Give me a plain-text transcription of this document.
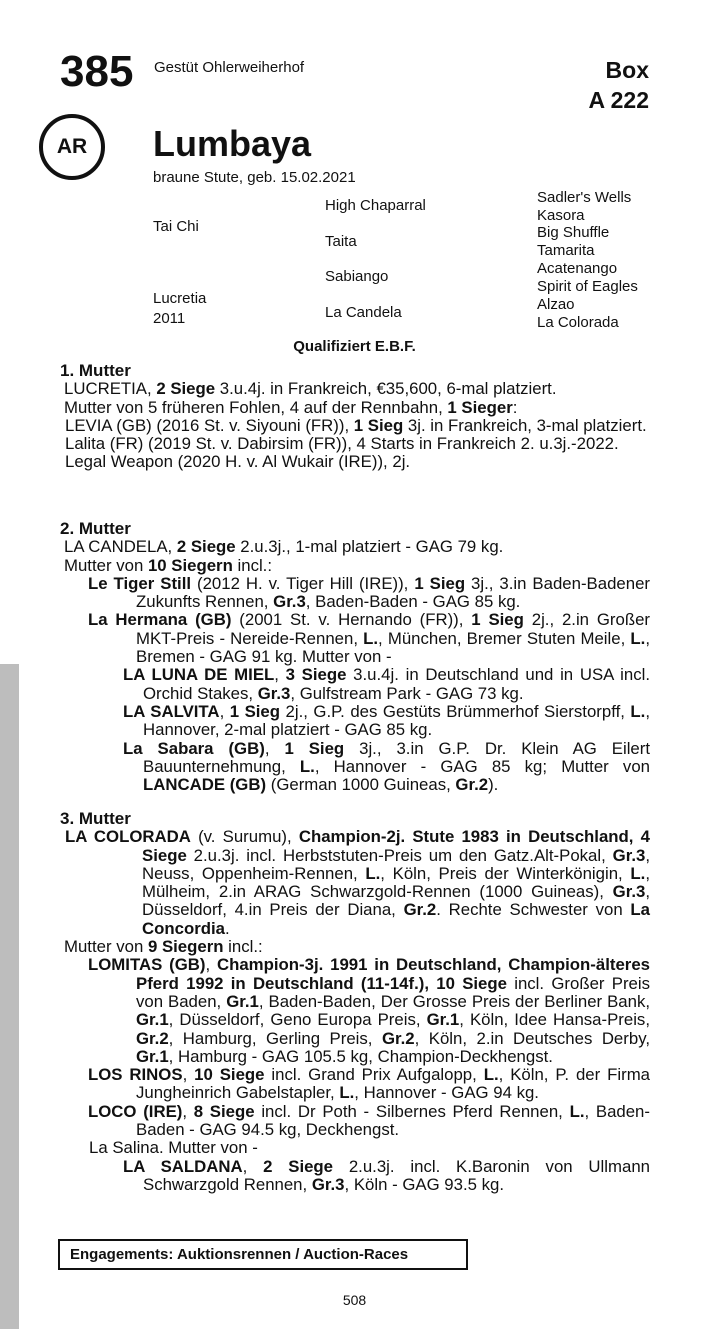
385 Gestüt Ohlerweiherhof	Box
A 222
AR	Lumbaya
braune Stute, geb. 15.02.2021
Tai Chi
Lucretia
2011
High Chaparral
Taita
Sabiango
La Candela
Sadler's Wells
Kasora
Big Shuffle
Tamarita
Acatenango
Spirit of Eagles
Alzao
La Colorada
Qualifiziert E.B.F.

1. Mutter

LUCRETIA, 2 Siege 3.u.4j. in Frankreich, €35,600, 6-mal platziert.

Mutter von 5 früheren Fohlen, 4 auf der Rennbahn, 1 Sieger:

LEVIA (GB) (2016 St. v. Siyouni (FR)), 1 Sieg 3j. in Frankreich, 3-mal platziert.

Lalita (FR) (2019 St. v. Dabirsim (FR)), 4 Starts in Frankreich 2. u.3j.-2022.

Legal Weapon (2020 H. v. Al Wukair (IRE)), 2j.

2. Mutter

LA CANDELA, 2 Siege 2.u.3j., 1-mal platziert - GAG 79 kg.

Mutter von 10 Siegern incl.:

Le Tiger Still (2012 H. v. Tiger Hill (IRE)), 1 Sieg 3j., 3.in Baden-Badener Zukunfts Rennen, Gr.3, Baden-Baden - GAG 85 kg.

La Hermana (GB) (2001 St. v. Hernando (FR)), 1 Sieg 2j., 2.in Großer MKT-Preis - Nereide-Rennen, L., München, Bremer Stuten Meile, L., Bremen - GAG 91 kg. Mutter von -

LA LUNA DE MIEL, 3 Siege 3.u.4j. in Deutschland und in USA incl. Orchid Stakes, Gr.3, Gulfstream Park - GAG 73 kg.

LA SALVITA, 1 Sieg 2j., G.P. des Gestüts Brümmerhof Sierstorpff, L., Hannover, 2-mal platziert - GAG 85 kg.

La Sabara (GB), 1 Sieg 3j., 3.in G.P. Dr. Klein AG Eilert Bauunternehmung, L., Hannover - GAG 85 kg; Mutter von LANCADE (GB) (German 1000 Guineas, Gr.2).

3. Mutter

LA COLORADA (v. Surumu), Champion-2j. Stute 1983 in Deutschland, 4 Siege 2.u.3j. incl. Herbststuten-Preis um den Gatz.Alt-Pokal, Gr.3, Neuss, Oppenheim-Rennen, L., Köln, Preis der Winterkönigin, L., Mülheim, 2.in ARAG Schwarzgold-Rennen (1000 Guineas), Gr.3, Düsseldorf, 4.in Preis der Diana, Gr.2. Rechte Schwester von La Concordia.

Mutter von 9 Siegern incl.:

LOMITAS (GB), Champion-3j. 1991 in Deutschland, Champion-älteres Pferd 1992 in Deutschland (11-14f.), 10 Siege incl. Großer Preis von Baden, Gr.1, Baden-Baden, Der Grosse Preis der Berliner Bank, Gr.1, Düsseldorf, Geno Europa Preis, Gr.1, Köln, Idee Hansa-Preis, Gr.2, Hamburg, Gerling Preis, Gr.2, Köln, 2.in Deutsches Derby, Gr.1, Hamburg - GAG 105.5 kg, Champion-Deckhengst.

LOS RINOS, 10 Siege incl. Grand Prix Aufgalopp, L., Köln, P. der Firma Jungheinrich Gabelstapler, L., Hannover - GAG 94 kg.

LOCO (IRE), 8 Siege incl. Dr Poth - Silbernes Pferd Rennen, L., Baden-Baden - GAG 94.5 kg, Deckhengst.

La Salina. Mutter von -

LA SALDANA, 2 Siege 2.u.3j. incl. K.Baronin von Ullmann Schwarzgold Rennen, Gr.3, Köln - GAG 93.5 kg.

Engagements: Auktionsrennen / Auction-Races
508
